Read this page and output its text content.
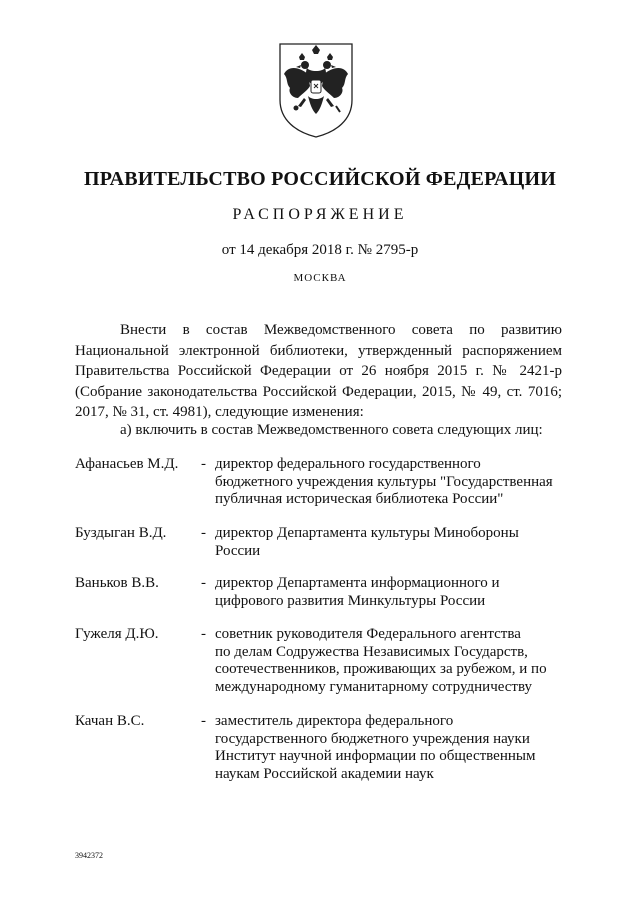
ПРАВИТЕЛЬСТВО РОССИЙСКОЙ ФЕДЕРАЦИИ
РАСПОРЯЖЕНИЕ
от 14 декабря 2018 г. № 2795-р
МОСКВА
Внести в состав Межведомственного совета по развитию
Национальной электронной библиотеки, утвержденный распоряжением
Правительства Российской Федерации от 26 ноября 2015 г. № 2421-р
(Собрание законодательства Российской Федерации, 2015, № 49, ст. 7016;
2017, № 31, ст. 4981), следующие изменения:
а) включить в состав Межведомственного совета следующих лиц:
Афанасьев М.Д.	- директор федерального государственного
бюджетного учреждения культуры "Государственная
публичная историческая библиотека России"
Буздыган В.Д.	- директор Департамента культуры Минобороны
России
Ваньков В.В.	- директор Департамента информационного и
цифрового развития Минкультуры России
Гужеля Д.Ю.	- советник руководителя Федерального агентства
по делам Содружества Независимых Государств,
соотечественников, проживающих за рубежом, и по
международному гуманитарному сотрудничеству
Качан В.С.	- заместитель директора федерального
государственного бюджетного учреждения науки
Институт научной информации по общественным
наукам Российской академии наук
3942372
